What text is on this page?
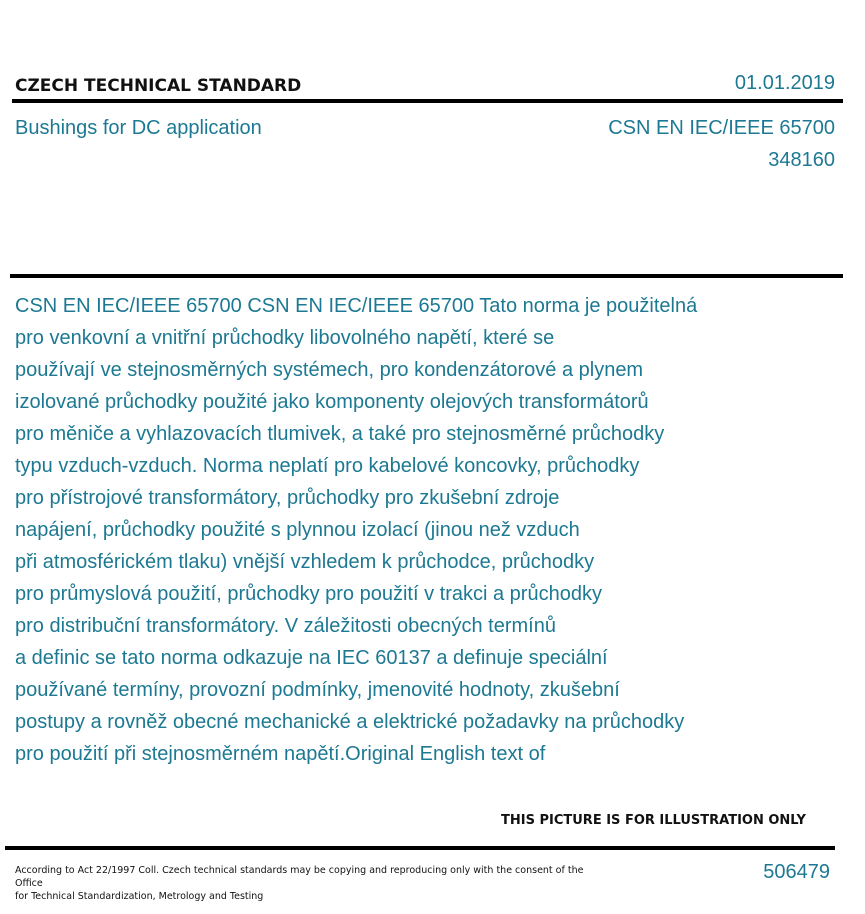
CZECH TECHNICAL STANDARD	01.01.2019
Bushings for DC application	CSN EN IEC/IEEE 65700
348160
CSN EN IEC/IEEE 65700 CSN EN IEC/IEEE 65700 Tato norma je použitelná
pro venkovní a vnitřní průchodky libovolného napětí, které se
používají ve stejnosměrných systémech, pro kondenzátorové a plynem
izolované průchodky použité jako komponenty olejových transformátorů
pro měniče a vyhlazovacích tlumivek, a také pro stejnosměrné průchodky
typu vzduch-vzduch. Norma neplatí pro kabelové koncovky, průchodky
pro přístrojové transformátory, průchodky pro zkušební zdroje
napájení, průchodky použité s plynnou izolací (jinou než vzduch
při atmosférickém tlaku) vnější vzhledem k průchodce, průchodky
pro průmyslová použití, průchodky pro použití v trakci a průchodky
pro distribuční transformátory. V záležitosti obecných termínů
a definic se tato norma odkazuje na IEC 60137 a definuje speciální
používané termíny, provozní podmínky, jmenovité hodnoty, zkušební
postupy a rovněž obecné mechanické a elektrické požadavky na průchodky
pro použití při stejnosměrném napětí.Original English text of
THIS PICTURE IS FOR ILLUSTRATION ONLY
According to Act 22/1997 Coll. Czech technical standards may be copying and reproducing only with the consent of the Office
for Technical Standardization, Metrology and Testing
506479
